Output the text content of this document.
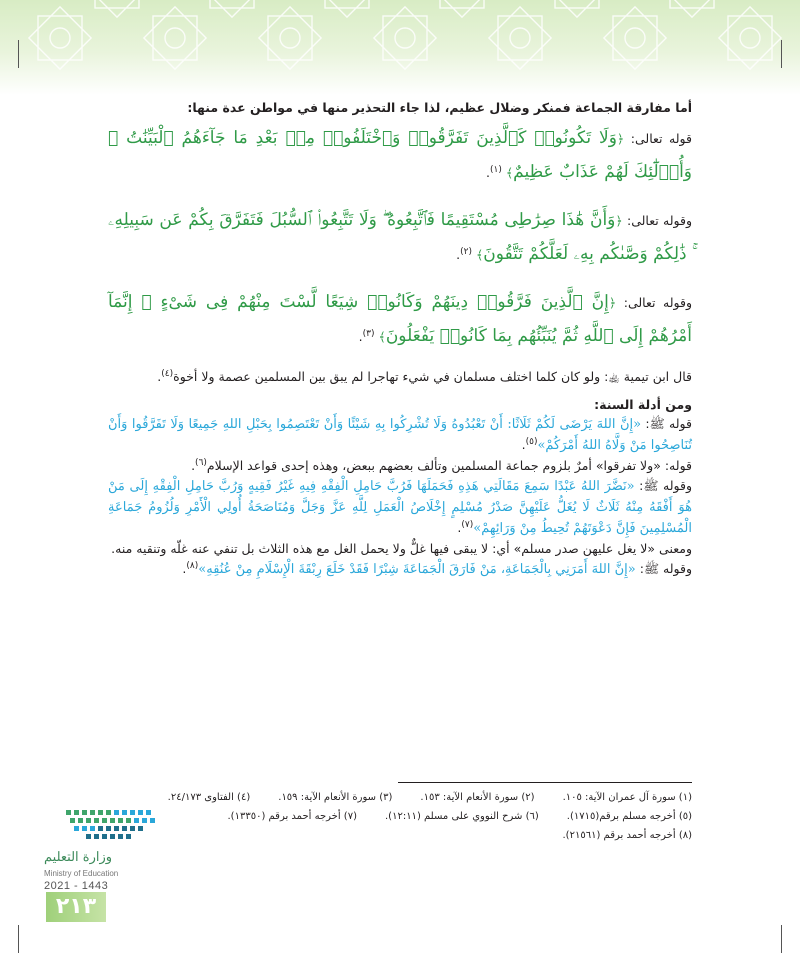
أما مفارقة الجماعة فمنكر وضلال عظيم، لذا جاء التحذير منها في مواطن عدة منها:

قوله تعالى: ﴿وَلَا تَكُونُوا۟ كَٱلَّذِينَ تَفَرَّقُوا۟ وَٱخْتَلَفُوا۟ مِنۢ بَعْدِ مَا جَآءَهُمُ ٱلْبَيِّنَٰتُ ۚ وَأُو۟لَٰٓئِكَ لَهُمْ عَذَابٌ عَظِيمٌ﴾ $^{(١)}$.

وقوله تعالى: ﴿وَأَنَّ هَٰذَا صِرَٰطِى مُسْتَقِيمًا فَٱتَّبِعُوهُ ۖ وَلَا تَتَّبِعُوا۟ ٱلسُّبُلَ فَتَفَرَّقَ بِكُمْ عَن سَبِيلِهِۦ ۚ ذَٰلِكُمْ وَصَّىٰكُم بِهِۦ لَعَلَّكُمْ تَتَّقُونَ﴾ $^{(٢)}$.

وقوله تعالى: ﴿إِنَّ ٱلَّذِينَ فَرَّقُوا۟ دِينَهُمْ وَكَانُوا۟ شِيَعًا لَّسْتَ مِنْهُمْ فِى شَىْءٍ ۚ إِنَّمَآ أَمْرُهُمْ إِلَى ٱللَّهِ ثُمَّ يُنَبِّئُهُم بِمَا كَانُوا۟ يَفْعَلُونَ﴾ $^{(٣)}$.

قال ابن تيمية ﵀: ولو كان كلما اختلف مسلمان في شيء تهاجرا لم يبق بين المسلمين عصمة ولا أخوة$^{(٤)}$.

ومن أدلة السنة:

قوله ﷺ: «إِنَّ اللهَ يَرْضَى لَكُمْ ثَلَاثًا: أَنْ تَعْبُدُوهُ وَلَا تُشْرِكُوا بِهِ شَيْئًا وَأَنْ تَعْتَصِمُوا بِحَبْلِ اللهِ جَمِيعًا وَلَا تَفَرَّقُوا وَأَنْ تُنَاصِحُوا مَنْ وَلَّاهُ اللهُ أَمْرَكُمْ»$^{(٥)}$.

قوله: «ولا تفرقوا» أمرٌ بلزوم جماعة المسلمين وتألف بعضهم ببعض، وهذه إحدى قواعد الإسلام$^{(٦)}$.

وقوله ﷺ: «نَضَّرَ اللهُ عَبْدًا سَمِعَ مَقَالَتِي هَذِهِ فَحَمَلَهَا فَرُبَّ حَامِلِ الْفِقْهِ فِيهِ غَيْرُ فَقِيهٍ وَرُبَّ حَامِلِ الْفِقْهِ إِلَى مَنْ هُوَ أَفْقَهُ مِنْهُ ثَلَاثٌ لَا يُغَلُّ عَلَيْهِنَّ صَدْرُ مُسْلِمٍ إِخْلَاصُ الْعَمَلِ لِلَّهِ عَزَّ وَجَلَّ وَمُنَاصَحَةُ أُولِي الْأَمْرِ وَلُزُومُ جَمَاعَةِ الْمُسْلِمِينَ فَإِنَّ دَعْوَتَهُمْ تُحِيطُ مِنْ وَرَائِهِمْ»$^{(٧)}$.

ومعنى «لا يغل عليهن صدر مسلم» أي: لا يبقى فيها غلٌّ ولا يحمل الغل مع هذه الثلاث بل تنفي عنه غلّه وتنقيه منه.

وقوله ﷺ: «إِنَّ اللهَ أَمَرَنِي بِالْجَمَاعَةِ، مَنْ فَارَقَ الْجَمَاعَةَ شِبْرًا فَقَدْ خَلَعَ رِبْقَةَ الْإِسْلَامِ مِنْ عُنُقِهِ»$^{(٨)}$.

(١) سورة آل عمران الآية: ١٠٥.
(٢) سورة الأنعام الآية: ١٥٣.
(٣) سورة الأنعام الآية: ١٥٩.
(٤) الفتاوى ٢٤/١٧٣.
(٥) أخرجه مسلم برقم(١٧١٥).
(٦) شرح النووي على مسلم (١٢:١١).
(٧) أخرجه أحمد برقم (١٣٣٥٠).
(٨) أخرجه أحمد برقم (٢١٥٦١).
وزارة التعليم
Ministry of Education
2021 - 1443
٢١٣
